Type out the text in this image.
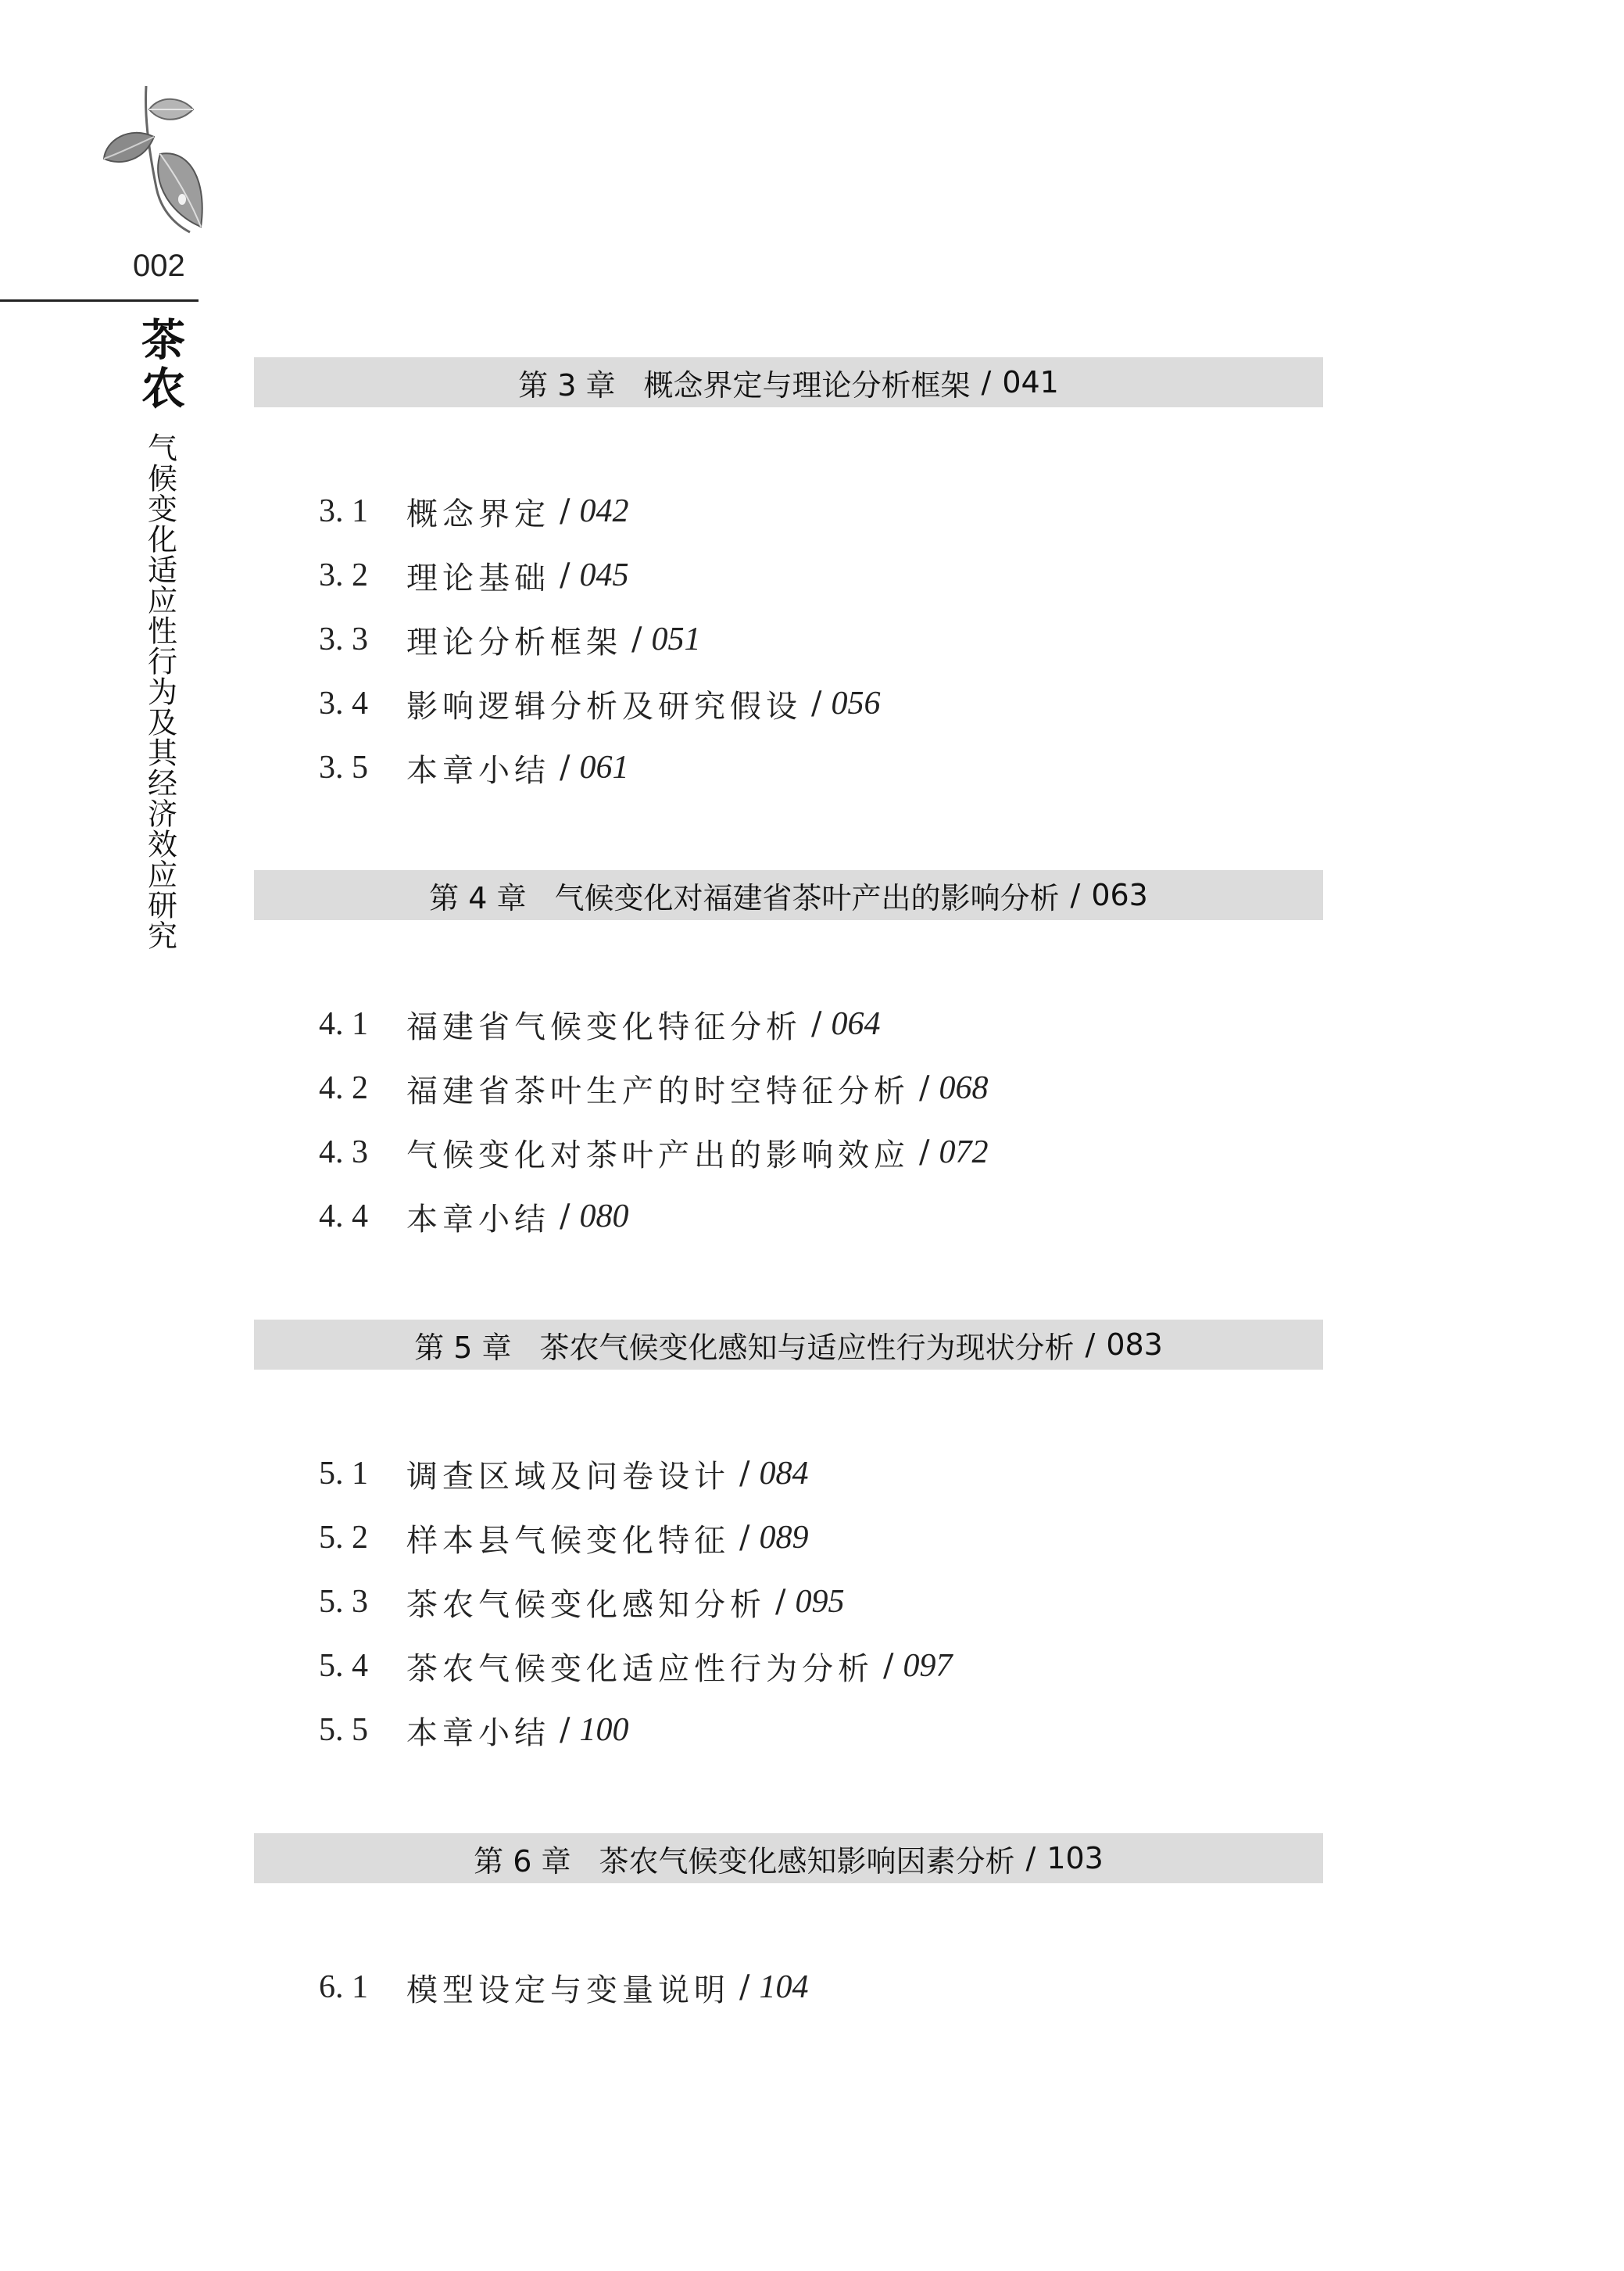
002
茶农
气候变化适应性行为及其经济效应研究
第 3 章 概念界定与理论分析框架 / 041
3. 1	概念界定 / 042
3. 2	理论基础 / 045
3. 3	理论分析框架 / 051
3. 4	影响逻辑分析及研究假设 / 056
3. 5	本章小结 / 061
第 4 章 气候变化对福建省茶叶产出的影响分析 / 063
4. 1	福建省气候变化特征分析 / 064
4. 2	福建省茶叶生产的时空特征分析 / 068
4. 3	气候变化对茶叶产出的影响效应 / 072
4. 4	本章小结 / 080
第 5 章 茶农气候变化感知与适应性行为现状分析 / 083
5. 1	调查区域及问卷设计 / 084
5. 2	样本县气候变化特征 / 089
5. 3	茶农气候变化感知分析 / 095
5. 4	茶农气候变化适应性行为分析 / 097
5. 5	本章小结 / 100
第 6 章 茶农气候变化感知影响因素分析 / 103
6. 1	模型设定与变量说明 / 104
